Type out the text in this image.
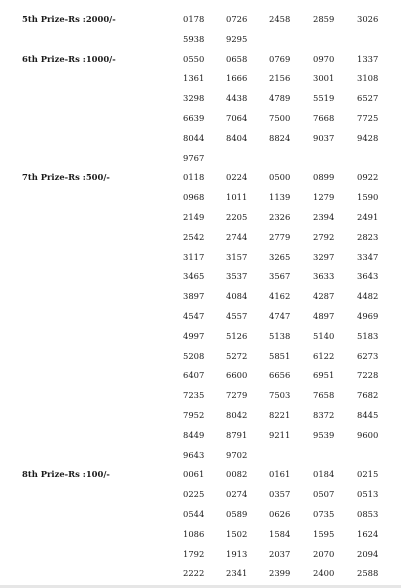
5th Prize-Rs :2000/-	0178	0726	2458	2859	3026
5938	9295
6th Prize-Rs :1000/-	0550	0658	0769	0970	1337
1361	1666	2156	3001	3108
3298	4438	4789	5519	6527
6639	7064	7500	7668	7725
8044	8404	8824	9037	9428
9767
7th Prize-Rs :500/-	0118	0224	0500	0899	0922
0968	1011	1139	1279	1590
2149	2205	2326	2394	2491
2542	2744	2779	2792	2823
3117	3157	3265	3297	3347
3465	3537	3567	3633	3643
3897	4084	4162	4287	4482
4547	4557	4747	4897	4969
4997	5126	5138	5140	5183
5208	5272	5851	6122	6273
6407	6600	6656	6951	7228
7235	7279	7503	7658	7682
7952	8042	8221	8372	8445
8449	8791	9211	9539	9600
9643	9702
8th Prize-Rs :100/-	0061	0082	0161	0184	0215
0225	0274	0357	0507	0513
0544	0589	0626	0735	0853
1086	1502	1584	1595	1624
1792	1913	2037	2070	2094
2222	2341	2399	2400	2588
